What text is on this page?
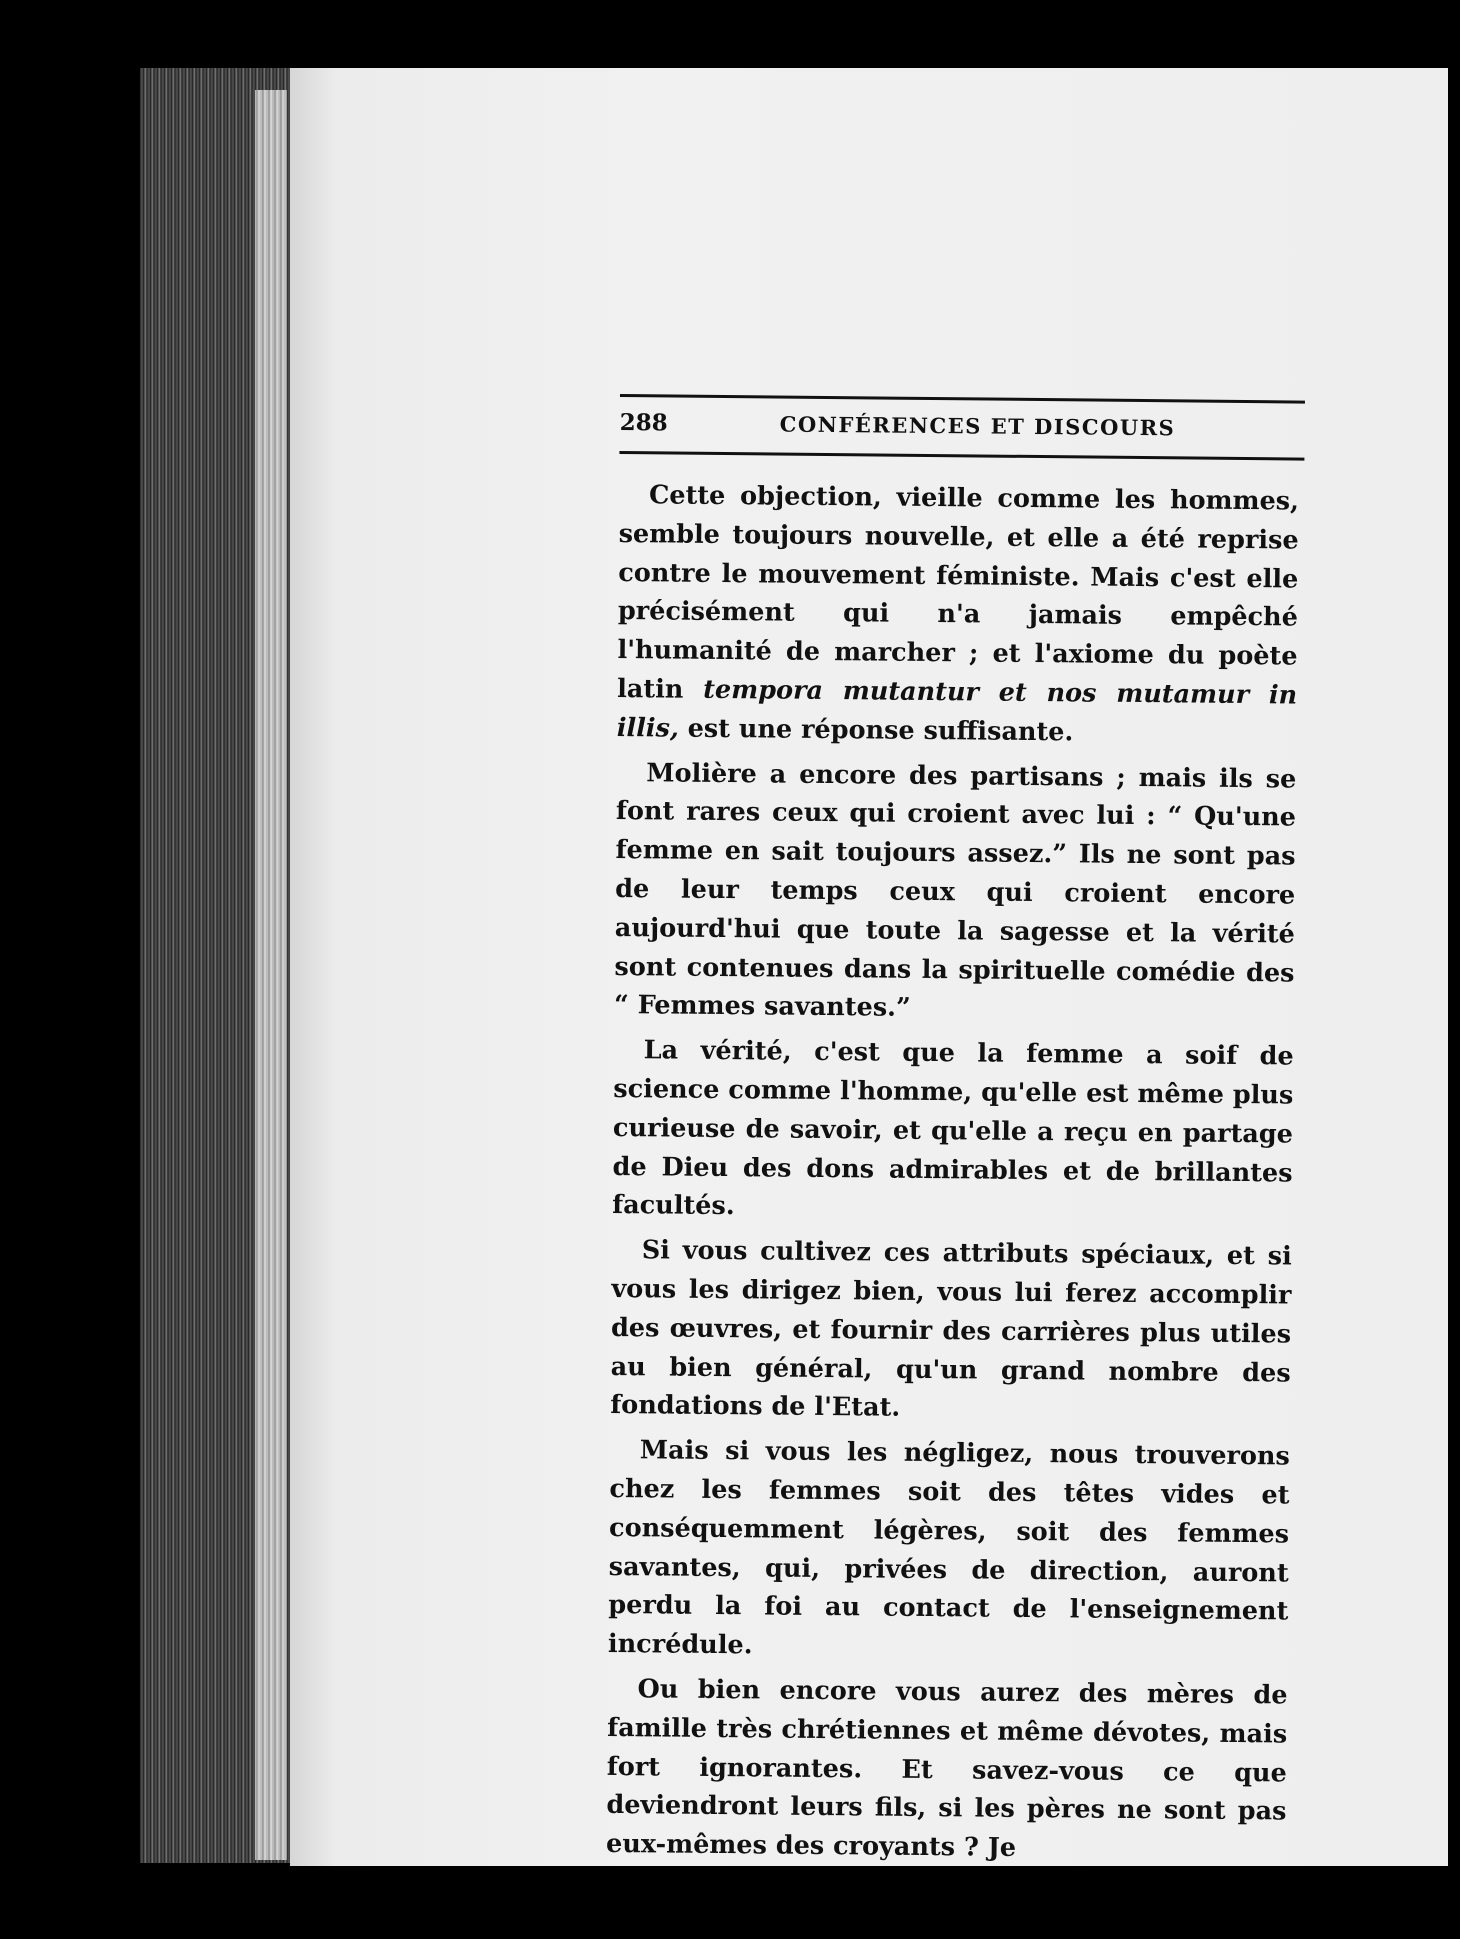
288	CONFÉRENCES ET DISCOURS

Cette objection, vieille comme les hommes, semble toujours nouvelle, et elle a été reprise contre le mouvement féministe. Mais c'est elle précisément qui n'a jamais empêché l'humanité de marcher ; et l'axiome du poète latin tempora mutantur et nos mutamur in illis, est une réponse suffisante.

Molière a encore des partisans ; mais ils se font rares ceux qui croient avec lui : “ Qu'une femme en sait toujours assez.” Ils ne sont pas de leur temps ceux qui croient encore aujourd'hui que toute la sagesse et la vérité sont contenues dans la spirituelle comédie des “ Femmes savantes.”

La vérité, c'est que la femme a soif de science comme l'homme, qu'elle est même plus curieuse de savoir, et qu'elle a reçu en partage de Dieu des dons admirables et de brillantes facultés.

Si vous cultivez ces attributs spéciaux, et si vous les dirigez bien, vous lui ferez accomplir des œuvres, et fournir des carrières plus utiles au bien général, qu'un grand nombre des fondations de l'Etat.

Mais si vous les négligez, nous trouverons chez les femmes soit des têtes vides et conséquemment légères, soit des femmes savantes, qui, privées de direction, auront perdu la foi au contact de l'enseignement incrédule.

Ou bien encore vous aurez des mères de famille très chrétiennes et même dévotes, mais fort ignorantes. Et savez-vous ce que deviendront leurs fils, si les pères ne sont pas eux-mêmes des croyants ? Je
